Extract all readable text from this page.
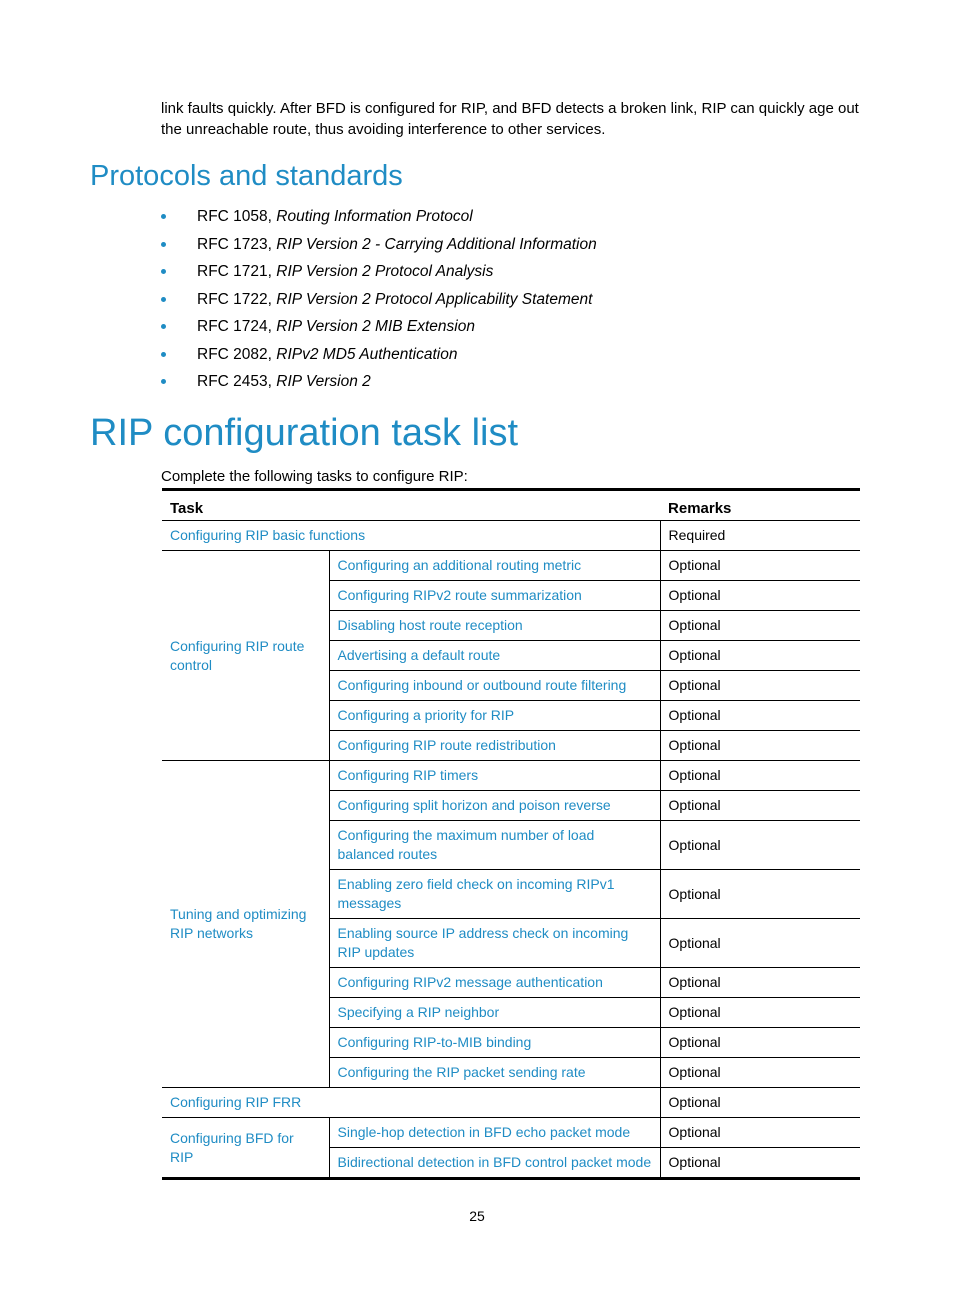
link faults quickly. After BFD is configured for RIP, and BFD detects a broken link, RIP can quickly age out the unreachable route, thus avoiding interference to other services.

Protocols and standards
RFC 1058, Routing Information Protocol
RFC 1723, RIP Version 2 - Carrying Additional Information
RFC 1721, RIP Version 2 Protocol Analysis
RFC 1722, RIP Version 2 Protocol Applicability Statement
RFC 1724, RIP Version 2 MIB Extension
RFC 2082, RIPv2 MD5 Authentication
RFC 2453, RIP Version 2
RIP configuration task list

Complete the following tasks to configure RIP:

Task		Remarks
Configuring RIP basic functions		Required
Configuring RIP route control	Configuring an additional routing metric	Optional
	Configuring RIPv2 route summarization	Optional
	Disabling host route reception	Optional
	Advertising a default route	Optional
	Configuring inbound or outbound route filtering	Optional
	Configuring a priority for RIP	Optional
	Configuring RIP route redistribution	Optional
Tuning and optimizing RIP networks	Configuring RIP timers	Optional
	Configuring split horizon and poison reverse	Optional
	Configuring the maximum number of load balanced routes	Optional
	Enabling zero field check on incoming RIPv1 messages	Optional
	Enabling source IP address check on incoming RIP updates	Optional
	Configuring RIPv2 message authentication	Optional
	Specifying a RIP neighbor	Optional
	Configuring RIP-to-MIB binding	Optional
	Configuring the RIP packet sending rate	Optional
Configuring RIP FRR		Optional
Configuring BFD for RIP	Single-hop detection in BFD echo packet mode	Optional
	Bidirectional detection in BFD control packet mode	Optional
25
